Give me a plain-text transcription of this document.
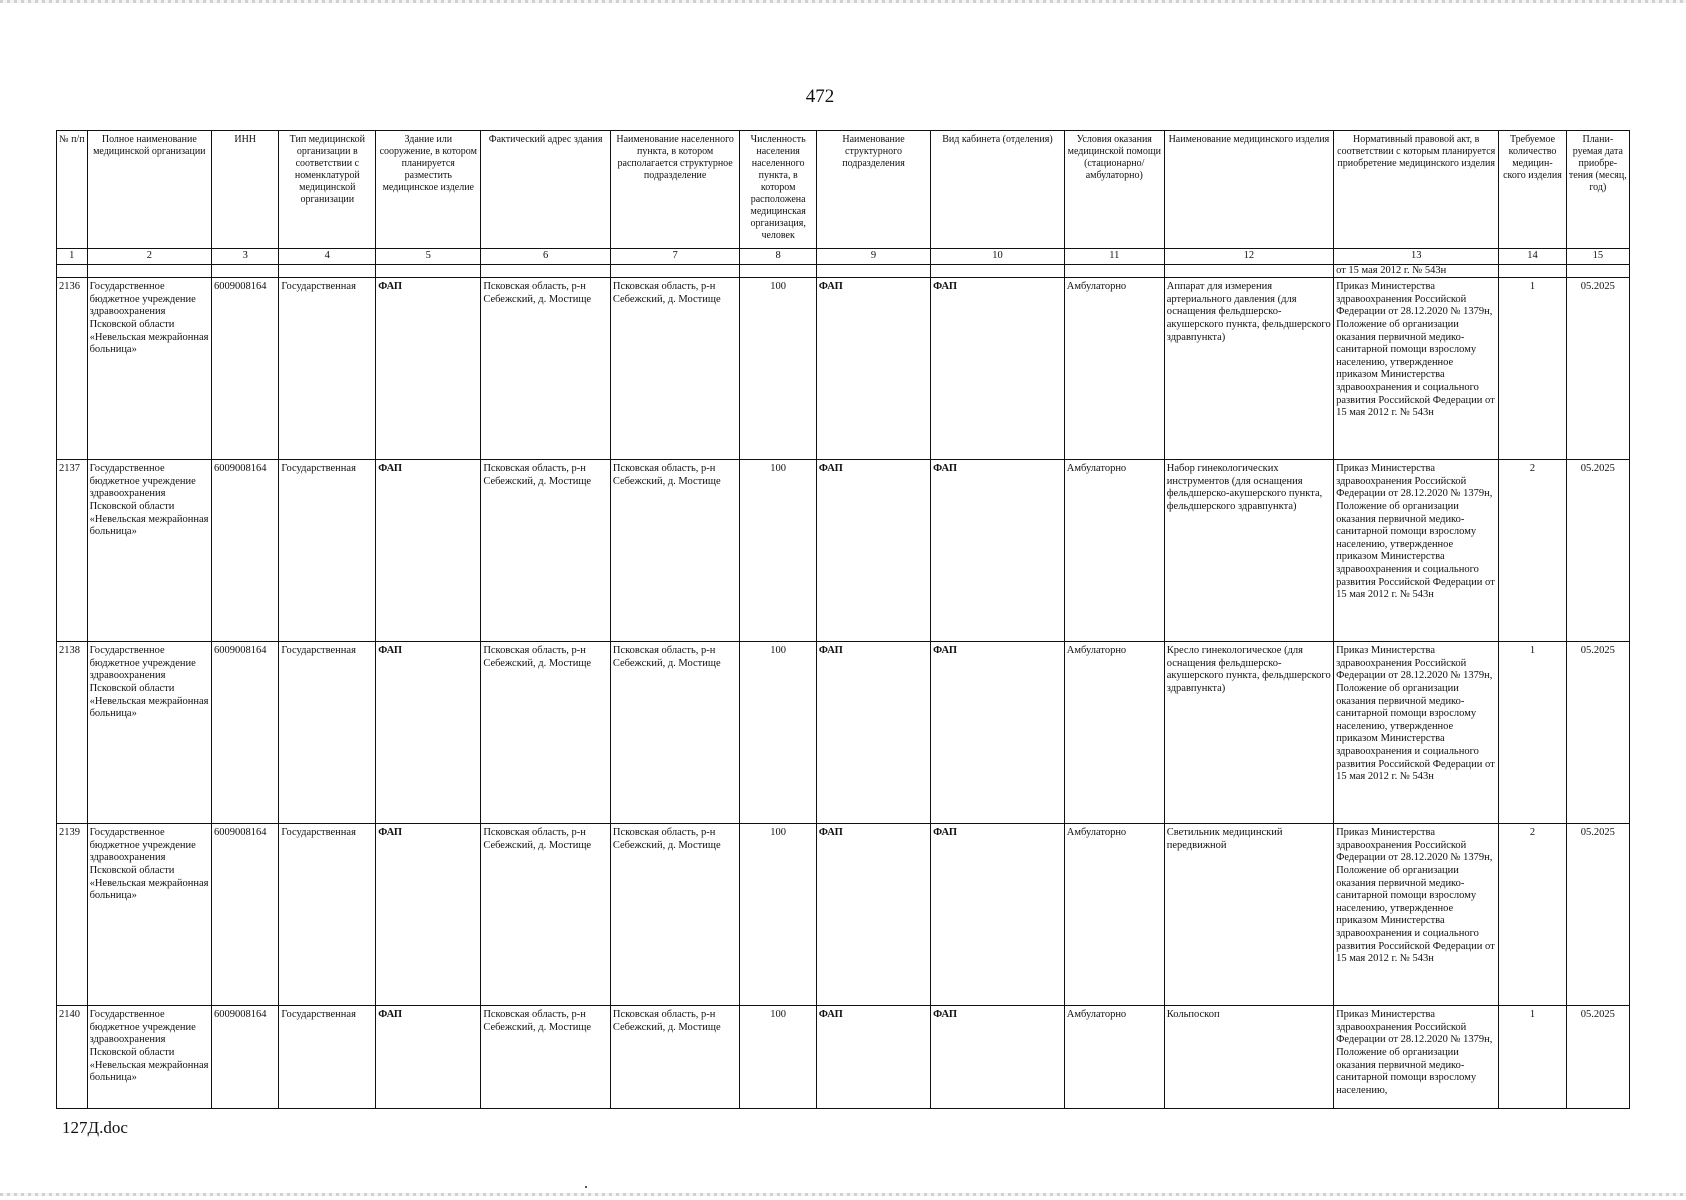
472
№ п/п	Полное наименование медицинской организации	ИНН	Тип медицинской организации в соответствии с номенклатурой медицинской организации	Здание или сооружение, в котором планируется разместить медицинское изделие	Фактический адрес здания	Наименование населенного пункта, в котором располагается структурное подразделение	Численность населения населенного пункта, в котором расположена медицинская организация, человек	Наименование структурного подразделения	Вид кабинета (отделения)	Условия оказания медицинской помощи (стационарно/ амбулаторно)	Наименование медицинского изделия	Нормативный правовой акт, в соответствии с которым планируется приобретение медицинского изделия	Требуемое количество медицин-ского изделия	Плани-руемая дата приобре-тения (месяц, год)
1	2	3	4	5	6	7	8	9	10	11	12	13	14	15
												от 15 мая 2012 г. № 543н		
2136	Государственное бюджетное учреждение здравоохранения Псковской области «Невельская межрайонная больница»	6009008164	Государственная	ФАП	Псковская область, р-н Себежский, д. Мостище	Псковская область, р-н Себежский, д. Мостище	100	ФАП	ФАП	Амбулаторно	Аппарат для измерения артериального давления (для оснащения фельдшерско-акушерского пункта, фельдшерского здравпункта)	Приказ Министерства здравоохранения Российской Федерации от 28.12.2020 № 1379н, Положение об организации оказания первичной медико-санитарной помощи взрослому населению, утвержденное приказом Министерства здравоохранения и социального развития Российской Федерации от 15 мая 2012 г. № 543н	1	05.2025
2137	Государственное бюджетное учреждение здравоохранения Псковской области «Невельская межрайонная больница»	6009008164	Государственная	ФАП	Псковская область, р-н Себежский, д. Мостище	Псковская область, р-н Себежский, д. Мостище	100	ФАП	ФАП	Амбулаторно	Набор гинекологических инструментов (для оснащения фельдшерско-акушерского пункта, фельдшерского здравпункта)	Приказ Министерства здравоохранения Российской Федерации от 28.12.2020 № 1379н, Положение об организации оказания первичной медико-санитарной помощи взрослому населению, утвержденное приказом Министерства здравоохранения и социального развития Российской Федерации от 15 мая 2012 г. № 543н	2	05.2025
2138	Государственное бюджетное учреждение здравоохранения Псковской области «Невельская межрайонная больница»	6009008164	Государственная	ФАП	Псковская область, р-н Себежский, д. Мостище	Псковская область, р-н Себежский, д. Мостище	100	ФАП	ФАП	Амбулаторно	Кресло гинекологическое (для оснащения фельдшерско-акушерского пункта, фельдшерского здравпункта)	Приказ Министерства здравоохранения Российской Федерации от 28.12.2020 № 1379н, Положение об организации оказания первичной медико-санитарной помощи взрослому населению, утвержденное приказом Министерства здравоохранения и социального развития Российской Федерации от 15 мая 2012 г. № 543н	1	05.2025
2139	Государственное бюджетное учреждение здравоохранения Псковской области «Невельская межрайонная больница»	6009008164	Государственная	ФАП	Псковская область, р-н Себежский, д. Мостище	Псковская область, р-н Себежский, д. Мостище	100	ФАП	ФАП	Амбулаторно	Светильник медицинский передвижной	Приказ Министерства здравоохранения Российской Федерации от 28.12.2020 № 1379н, Положение об организации оказания первичной медико-санитарной помощи взрослому населению, утвержденное приказом Министерства здравоохранения и социального развития Российской Федерации от 15 мая 2012 г. № 543н	2	05.2025
2140	Государственное бюджетное учреждение здравоохранения Псковской области «Невельская межрайонная больница»	6009008164	Государственная	ФАП	Псковская область, р-н Себежский, д. Мостище	Псковская область, р-н Себежский, д. Мостище	100	ФАП	ФАП	Амбулаторно	Кольпоскоп	Приказ Министерства здравоохранения Российской Федерации от 28.12.2020 № 1379н, Положение об организации оказания первичной медико-санитарной помощи взрослому населению,	1	05.2025
127Д.doc
